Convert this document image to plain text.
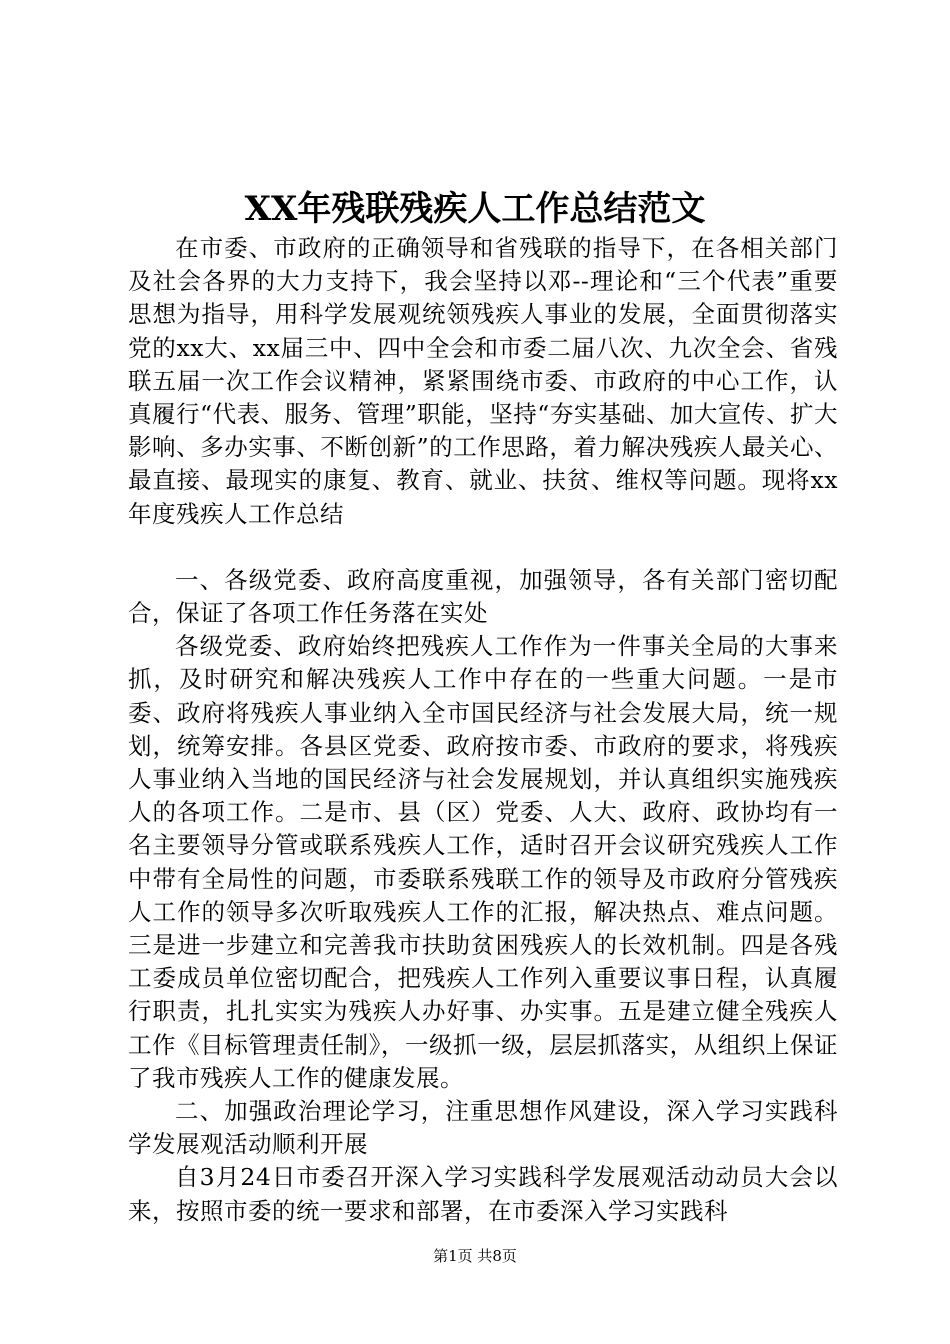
XX年残联残疾人工作总结范文

在市委、市政府的正确领导和省残联的指导下，在各相关部门及社会各界的大力支持下，我会坚持以邓--理论和“三个代表”重要思想为指导，用科学发展观统领残疾人事业的发展，全面贯彻落实党的xx大、xx届三中、四中全会和市委二届八次、九次全会、省残联五届一次工作会议精神，紧紧围绕市委、市政府的中心工作，认真履行“代表、服务、管理”职能，坚持“夯实基础、加大宣传、扩大影响、多办实事、不断创新”的工作思路，着力解决残疾人最关心、最直接、最现实的康复、教育、就业、扶贫、维权等问题。现将xx年度残疾人工作总结

一、各级党委、政府高度重视，加强领导，各有关部门密切配合，保证了各项工作任务落在实处

各级党委、政府始终把残疾人工作作为一件事关全局的大事来抓，及时研究和解决残疾人工作中存在的一些重大问题。一是市委、政府将残疾人事业纳入全市国民经济与社会发展大局，统一规划，统筹安排。各县区党委、政府按市委、市政府的要求，将残疾人事业纳入当地的国民经济与社会发展规划，并认真组织实施残疾人的各项工作。二是市、县（区）党委、人大、政府、政协均有一名主要领导分管或联系残疾人工作，适时召开会议研究残疾人工作中带有全局性的问题，市委联系残联工作的领导及市政府分管残疾人工作的领导多次听取残疾人工作的汇报，解决热点、难点问题。三是进一步建立和完善我市扶助贫困残疾人的长效机制。四是各残工委成员单位密切配合，把残疾人工作列入重要议事日程，认真履行职责，扎扎实实为残疾人办好事、办实事。五是建立健全残疾人工作《目标管理责任制》，一级抓一级，层层抓落实，从组织上保证了我市残疾人工作的健康发展。

二、加强政治理论学习，注重思想作风建设，深入学习实践科学发展观活动顺利开展

自3月24日市委召开深入学习实践科学发展观活动动员大会以来，按照市委的统一要求和部署，在市委深入学习实践科

第1页 共8页
